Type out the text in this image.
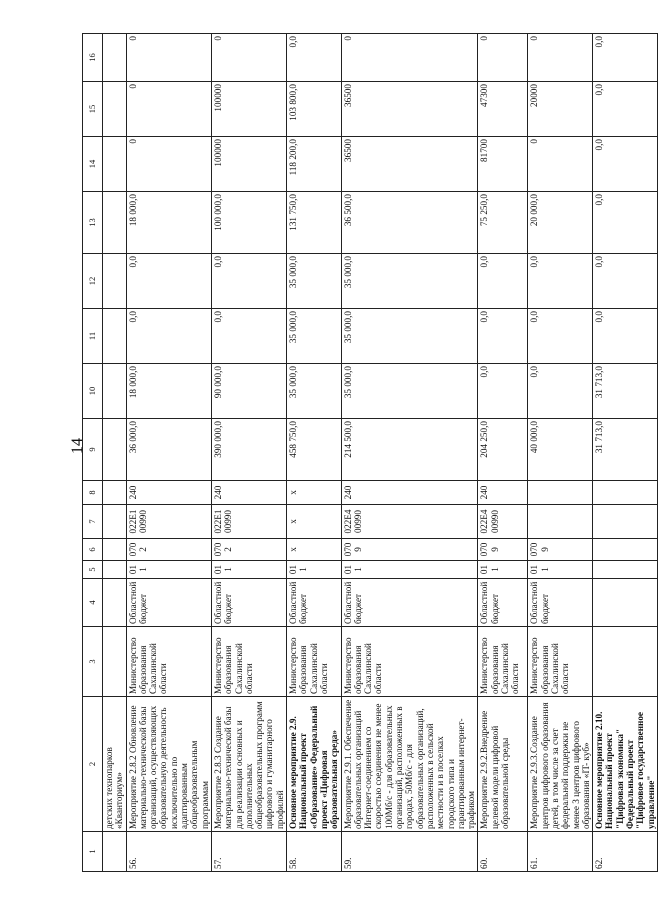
14
1	2	3	4	5	6	7	8	9	10	11	12	13	14	15	16
	детских технопарков «Кванториум»														
56.	Мероприятие 2.8.2 Обновление материально-технической базы организаций, осуществляющих образовательную деятельность исключительно по адаптированным общеобразовательным программам	Министерство образования Сахалинской области	Областной бюджет	011	070 2	022Е1 00990	240	36 000,0	18 000,0	0,0	0,0	18 000,0	0	0	0
57.	Мероприятие 2.8.3 Создание материально-технической базы для реализации основных и дополнительных общеобразовательных программ цифрового и гуманитарного профилей	Министерство образования Сахалинской области	Областной бюджет	011	070 2	022Е1 00990	240	390 000,0	90 000,0	0,0	0,0	100 000,0	100000	100000	0
58.	Основное мероприятие 2.9. Национальный проект «Образование» Федеральный проект «Цифровая образовательная среда»	Министерство образования Сахалинской области	Областной бюджет	011	х	х	х	458 750,0	35 000,0	35 000,0	35 000,0	131 750,0	118 200,0	103 800,0	0,0
59.	Мероприятие 2.9.1. Обеспечение образовательных организаций Интернет-соединением со скоростью соединения не менее 100Мб/с - для образовательных организаций, расположенных в городах, 50Мб/с - для образовательных организаций, расположенных в сельской местности и в поселках городского типа и гарантированным интернет-трафиком	Министерство образования Сахалинской области	Областной бюджет	011	070 9	022Е4 00990	240	214 500,0	35 000,0	35 000,0	35 000,0	36 500,0	36500	36500	0
60.	Мероприятие 2.9.2.Внедрение целевой модели цифровой образовательной среды	Министерство образования Сахалинской области	Областной бюджет	011	070 9	022Е4 00990	240	204 250,0	0,0	0,0	0,0	75 250,0	81700	47300	0
61.	Мероприятие 2.9.3.Создание центров цифрового образования детей, в том числе за счет федеральной поддержки не менее 3 центров цифрового образования «IT- куб»	Министерство образования Сахалинской области	Областной бюджет	011	070 9			40 000,0	0,0	0,0	0,0	20 000,0	0	20000	0
62.	Основное мероприятие 2.10. Национальный проект "Цифровая экономика" Федеральный проект "Цифровое государственное управление"							31 713,0	31 713,0	0,0	0,0	0,0	0,0	0,0	0,0
